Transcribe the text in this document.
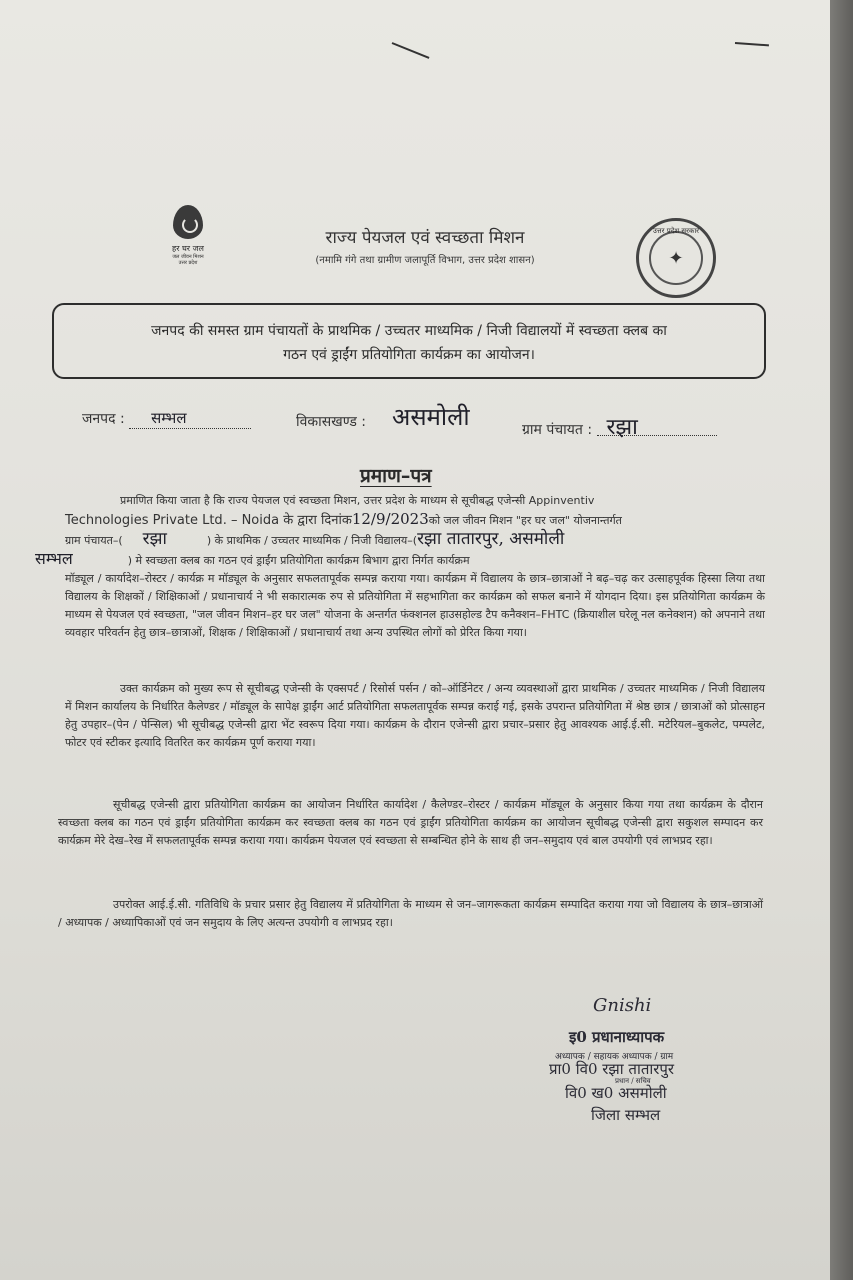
हर घर जल
जल जीवन मिशन
उत्तर प्रदेश
राज्य पेयजल एवं स्वच्छता मिशन
(नमामि गंगे तथा ग्रामीण जलापूर्ति विभाग, उत्तर प्रदेश शासन)
उत्तर प्रदेश सरकार
✦
जनपद की समस्त ग्राम पंचायतों के प्राथमिक / उच्चतर माध्यमिक / निजी विद्यालयों में स्वच्छता क्लब का
गठन एवं ड्राईंग प्रतियोगिता कार्यक्रम का आयोजन।
जनपद : सम्भल	विकासखण्ड : असमोली	ग्राम पंचायत : रझा
प्रमाण–पत्र
प्रमाणित किया जाता है कि राज्य पेयजल एवं स्वच्छता मिशन, उत्तर प्रदेश के माध्यम से सूचीबद्ध एजेन्सी Appinventiv
Technologies Private Ltd. – Noida के द्वारा दिनांक12/9/2023को जल जीवन मिशन "हर घर जल" योजनान्तर्गत
ग्राम पंचायत–( रझा	) के प्राथमिक / उच्चतर माध्यमिक / निजी विद्यालय–(रझा तातारपुर, असमोली
सम्भल	) मे स्वच्छता क्लब का गठन एवं ड्राईंग प्रतियोगिता कार्यक्रम बिभाग द्वारा निर्गत कार्यक्रम
मॉड्यूल / कार्यादेश–रोस्टर / कार्यक्र म मॉड्यूल के अनुसार सफलतापूर्वक सम्पन्न कराया गया। कार्यक्रम में विद्यालय के छात्र–छात्राओं ने बढ़–चढ़ कर उत्साहपूर्वक हिस्सा लिया तथा विद्यालय के शिक्षकों / शिक्षिकाओं / प्रधानाचार्य ने भी सकारात्मक रुप से प्रतियोगिता में सहभागिता कर कार्यक्रम को सफल बनाने में योगदान दिया। इस प्रतियोगिता कार्यक्रम के माध्यम से पेयजल एवं स्वच्छता, "जल जीवन मिशन–हर घर जल" योजना के अन्तर्गत फंक्शनल हाउसहोल्ड टैप कनैक्शन–FHTC (क्रियाशील घरेलू नल कनेक्शन) को अपनाने तथा व्यवहार परिवर्तन हेतु छात्र–छात्राओं, शिक्षक / शिक्षिकाओं / प्रधानाचार्य तथा अन्य उपस्थित लोगों को प्रेरित किया गया।
उक्त कार्यक्रम को मुख्य रूप से सूचीबद्ध एजेन्सी के एक्सपर्ट / रिसोर्स पर्सन / को–ऑर्डिनेटर / अन्य व्यवस्थाओं द्वारा प्राथमिक / उच्चतर माध्यमिक / निजी विद्यालय में मिशन कार्यालय के निर्धारित कैलेण्डर / मॉड्यूल के सापेक्ष ड्राईंग आर्ट प्रतियोगिता सफलतापूर्वक सम्पन्न कराई गई, इसके उपरान्त प्रतियोगिता में श्रेष्ठ छात्र / छात्राओं को प्रोत्साहन हेतु उपहार–(पेन / पेन्सिल) भी सूचीबद्ध एजेन्सी द्वारा भेंट स्वरूप दिया गया। कार्यक्रम के दौरान एजेन्सी द्वारा प्रचार–प्रसार हेतु आवश्यक आई.ई.सी. मटेरियल–बुकलेट, पम्पलेट, फोटर एवं स्टीकर इत्यादि वितरित कर कार्यक्रम पूर्ण कराया गया।
सूचीबद्ध एजेन्सी द्वारा प्रतियोगिता कार्यक्रम का आयोजन निर्धारित कार्यादेश / कैलेण्डर–रोस्टर / कार्यक्रम मॉड्यूल के अनुसार किया गया तथा कार्यक्रम के दौरान स्वच्छता क्लब का गठन एवं ड्राईंग प्रतियोगिता कार्यक्रम कर स्वच्छता क्लब का गठन एवं ड्राईंग प्रतियोगिता कार्यक्रम का आयोजन सूचीबद्ध एजेन्सी द्वारा सकुशल सम्पादन कर कार्यक्रम मेरे देख–रेख में सफलतापूर्वक सम्पन्न कराया गया। कार्यक्रम पेयजल एवं स्वच्छता से सम्बन्धित होने के साथ ही जन–समुदाय एवं बाल उपयोगी एवं लाभप्रद रहा।
उपरोक्त आई.ई.सी. गतिविधि के प्रचार प्रसार हेतु विद्यालय में प्रतियोगिता के माध्यम से जन–जागरूकता कार्यक्रम सम्पादित कराया गया जो विद्यालय के छात्र–छात्राओं / अध्यापक / अध्यापिकाओं एवं जन समुदाय के लिए अत्यन्त उपयोगी व लाभप्रद रहा।
Gnishi
इ0 प्रधानाध्यापक
अध्यापक / सहायक अध्यापक / ग्राम
प्रा0 वि0 रझा तातारपुर
प्रधान / सचिव
वि0 ख0 असमोली
जिला सम्भल
